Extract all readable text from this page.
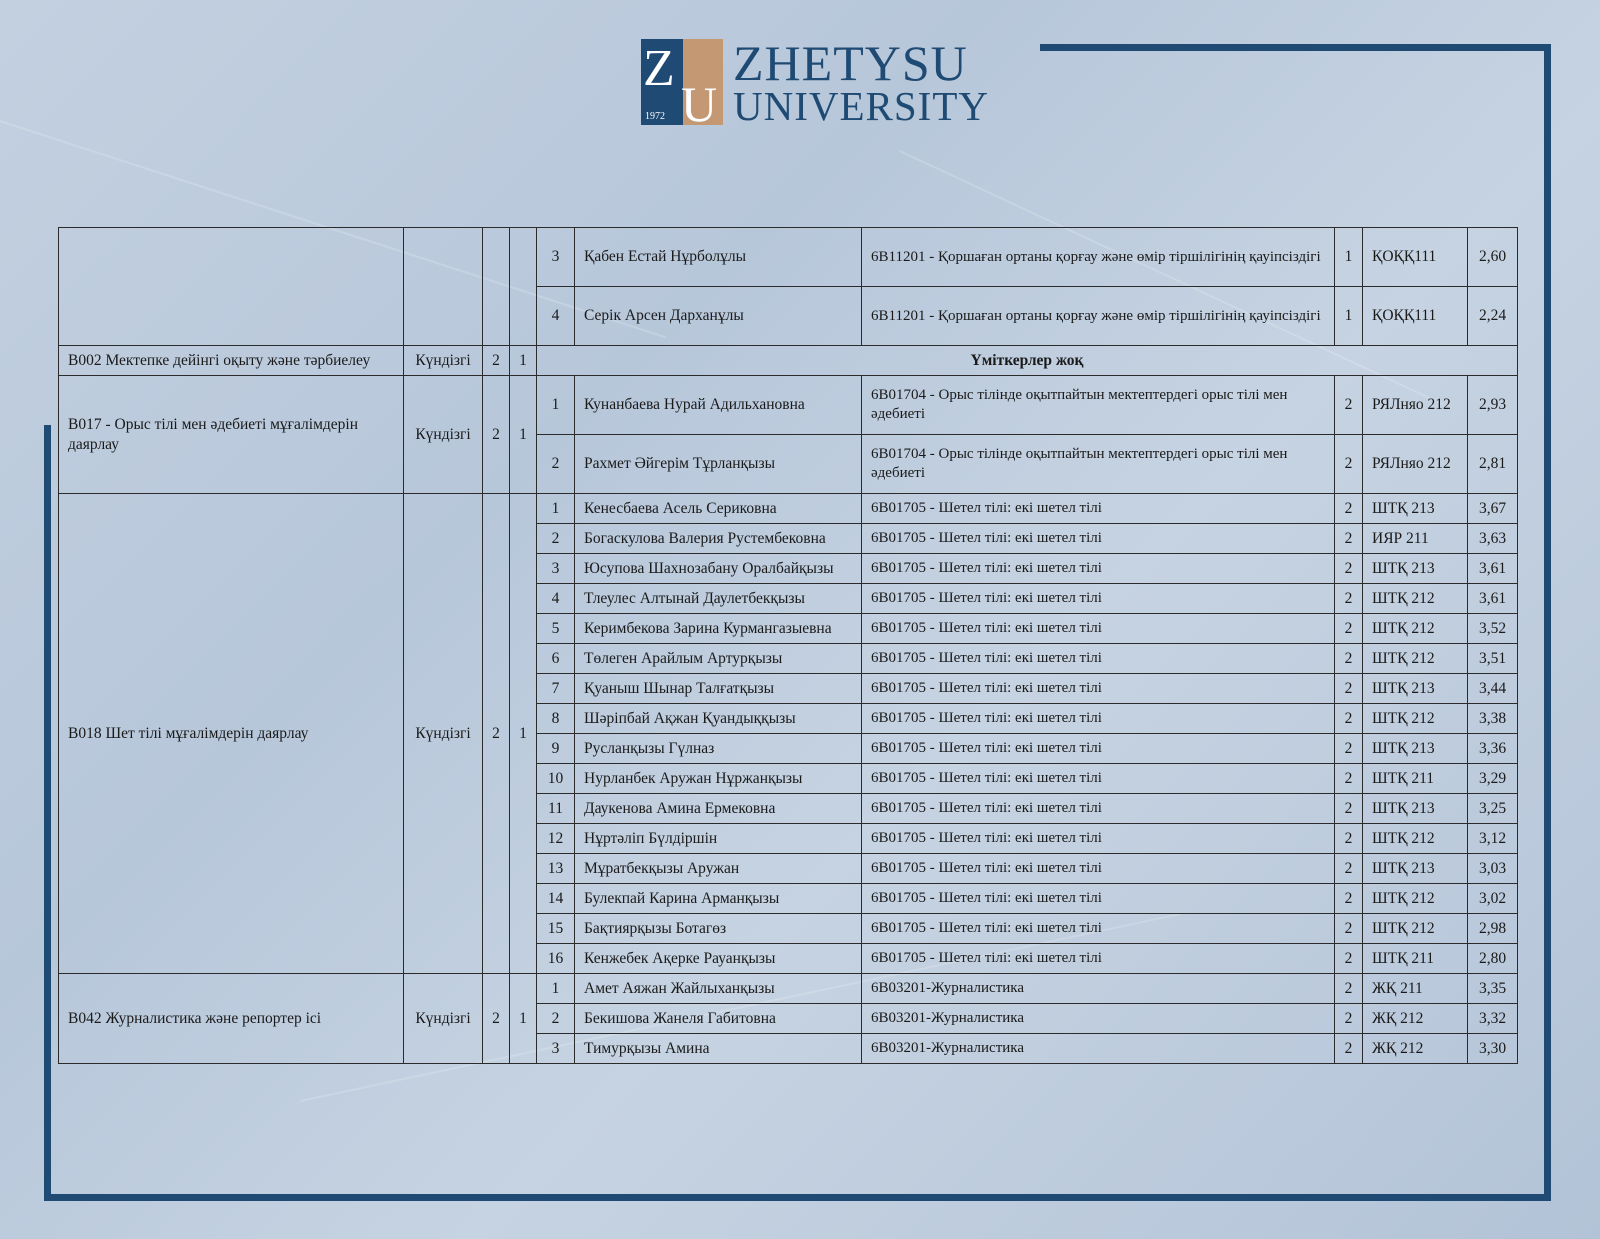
Z
U
1972
ZHETYSU
UNIVERSITY
				3	Қабен Естай Нұрболұлы	6В11201 - Қоршаған ортаны қорғау және өмір тіршілігінің қауіпсіздігі	1	ҚОҚҚ111	2,60
				4	Серік Арсен Дарханұлы	6В11201 - Қоршаған ортаны қорғау және өмір тіршілігінің қауіпсіздігі	1	ҚОҚҚ111	2,24
В002 Мектепке дейінгі оқыту және тәрбиелеу	Күндізгі	2	1	Үміткерлер жоқ					
В017 - Орыс тілі мен әдебиеті мұғалімдерін даярлау	Күндізгі	2	1	1	Кунанбаева Нурай Адильхановна	6В01704 - Орыс тілінде оқытпайтын мектептердегі орыс тілі мен әдебиеті	2	РЯЛняо 212	2,93
				2	Рахмет Әйгерім Тұрланқызы	6В01704 - Орыс тілінде оқытпайтын мектептердегі орыс тілі мен әдебиеті	2	РЯЛняо 212	2,81
В018 Шет тілі мұғалімдерін даярлау	Күндізгі	2	1	1	Кенесбаева Асель Сериковна	6В01705 - Шетел тілі: екі шетел тілі	2	ШТҚ 213	3,67
				2	Богаскулова Валерия Рустембековна	6В01705 - Шетел тілі: екі шетел тілі	2	ИЯР 211	3,63
				3	Юсупова Шахнозабану Оралбайқызы	6В01705 - Шетел тілі: екі шетел тілі	2	ШТҚ 213	3,61
				4	Тлеулес Алтынай Даулетбекқызы	6В01705 - Шетел тілі: екі шетел тілі	2	ШТҚ 212	3,61
				5	Керимбекова Зарина Курмангазыевна	6В01705 - Шетел тілі: екі шетел тілі	2	ШТҚ 212	3,52
				6	Төлеген Арайлым Артурқызы	6В01705 - Шетел тілі: екі шетел тілі	2	ШТҚ 212	3,51
				7	Қуаныш Шынар Талғатқызы	6В01705 - Шетел тілі: екі шетел тілі	2	ШТҚ 213	3,44
				8	Шәріпбай Ақжан Қуандыққызы	6В01705 - Шетел тілі: екі шетел тілі	2	ШТҚ 212	3,38
				9	Русланқызы Гүлназ	6В01705 - Шетел тілі: екі шетел тілі	2	ШТҚ 213	3,36
				10	Нурланбек Аружан Нұржанқызы	6В01705 - Шетел тілі: екі шетел тілі	2	ШТҚ 211	3,29
				11	Даукенова Амина Ермековна	6В01705 - Шетел тілі: екі шетел тілі	2	ШТҚ 213	3,25
				12	Нұртәліп Бүлдіршін	6В01705 - Шетел тілі: екі шетел тілі	2	ШТҚ 212	3,12
				13	Мұратбекқызы Аружан	6В01705 - Шетел тілі: екі шетел тілі	2	ШТҚ 213	3,03
				14	Булекпай Карина Арманқызы	6В01705 - Шетел тілі: екі шетел тілі	2	ШТҚ 212	3,02
				15	Бақтиярқызы Ботагөз	6В01705 - Шетел тілі: екі шетел тілі	2	ШТҚ 212	2,98
				16	Кенжебек Ақерке Рауанқызы	6В01705 - Шетел тілі: екі шетел тілі	2	ШТҚ 211	2,80
В042 Журналистика және репортер ісі	Күндізгі	2	1	1	Амет Аяжан Жайлыханқызы	6В03201-Журналистика	2	ЖҚ 211	3,35
				2	Бекишова Жанеля Габитовна	6В03201-Журналистика	2	ЖҚ 212	3,32
				3	Тимурқызы Амина	6В03201-Журналистика	2	ЖҚ 212	3,30
